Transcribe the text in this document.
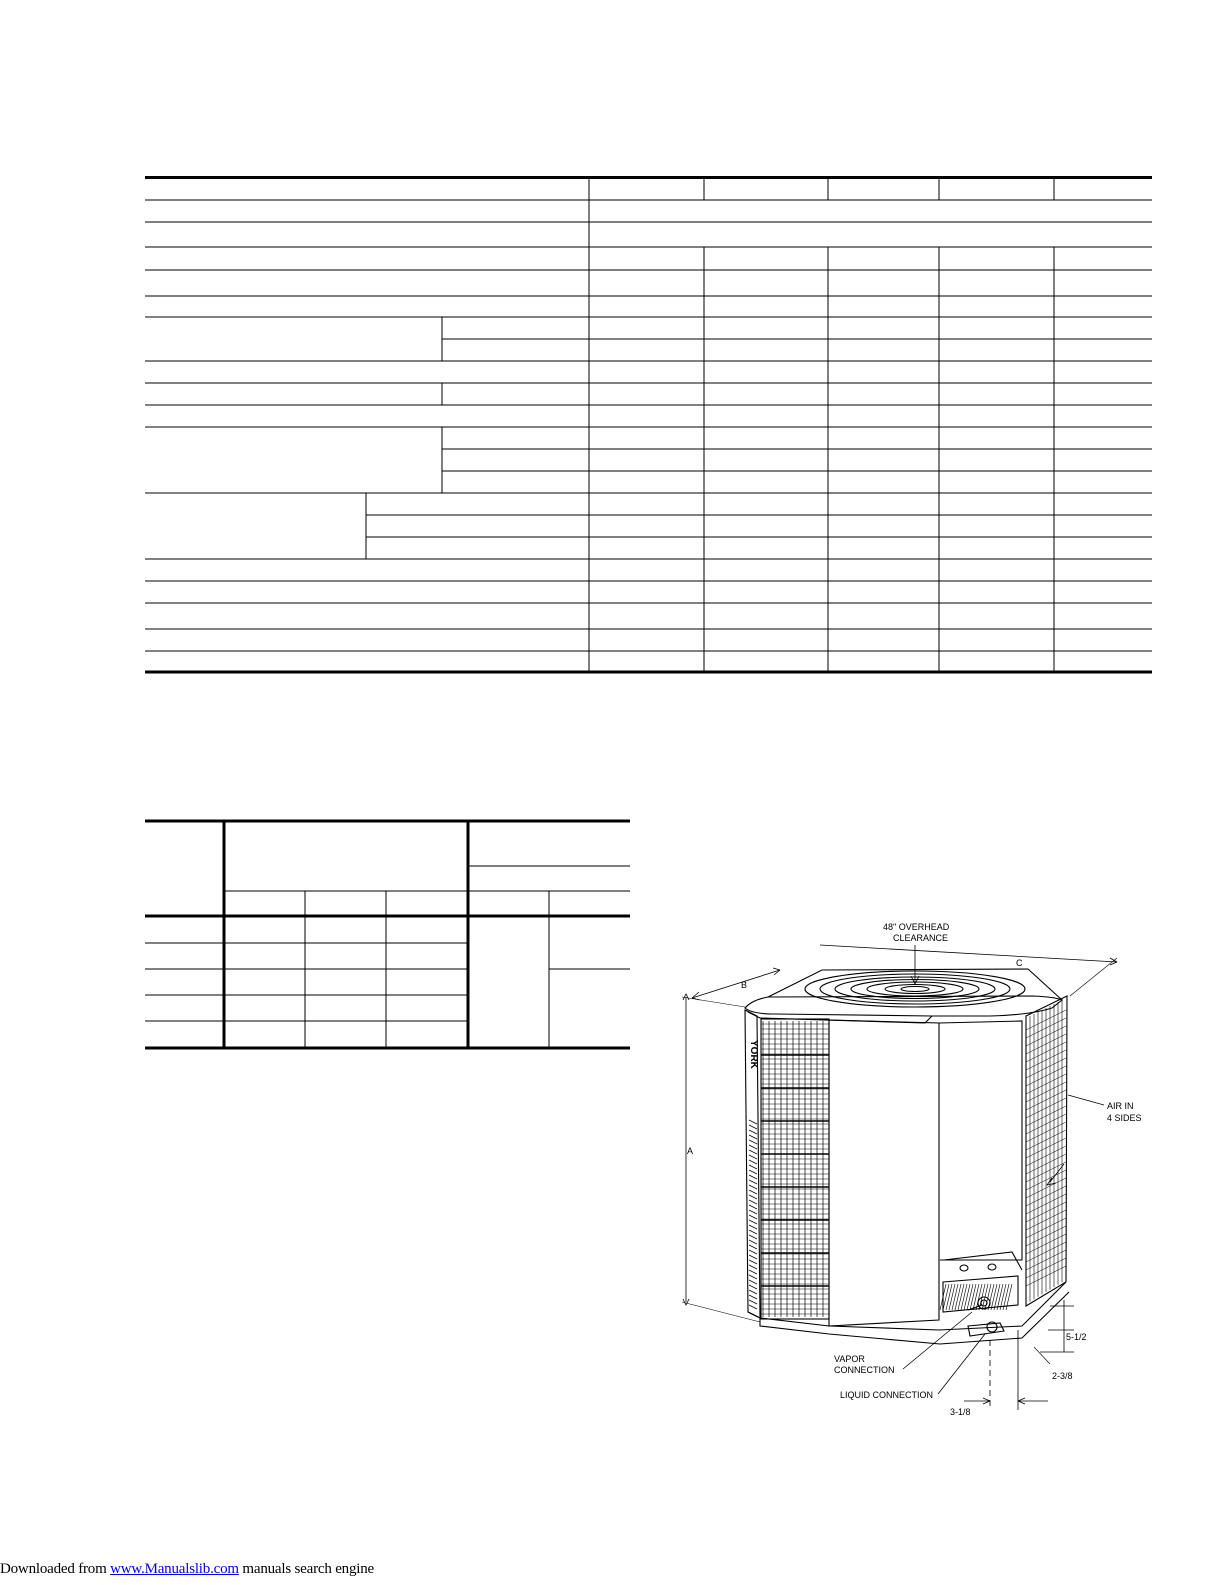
YORK
48" OVERHEAD
CLEARANCE
C
B
A
AIR IN
4 SIDES
5-1/2
2-3/8
VAPOR
CONNECTION
LIQUID CONNECTION
3-1/8
Downloaded from www.Manualslib.com manuals search engine
